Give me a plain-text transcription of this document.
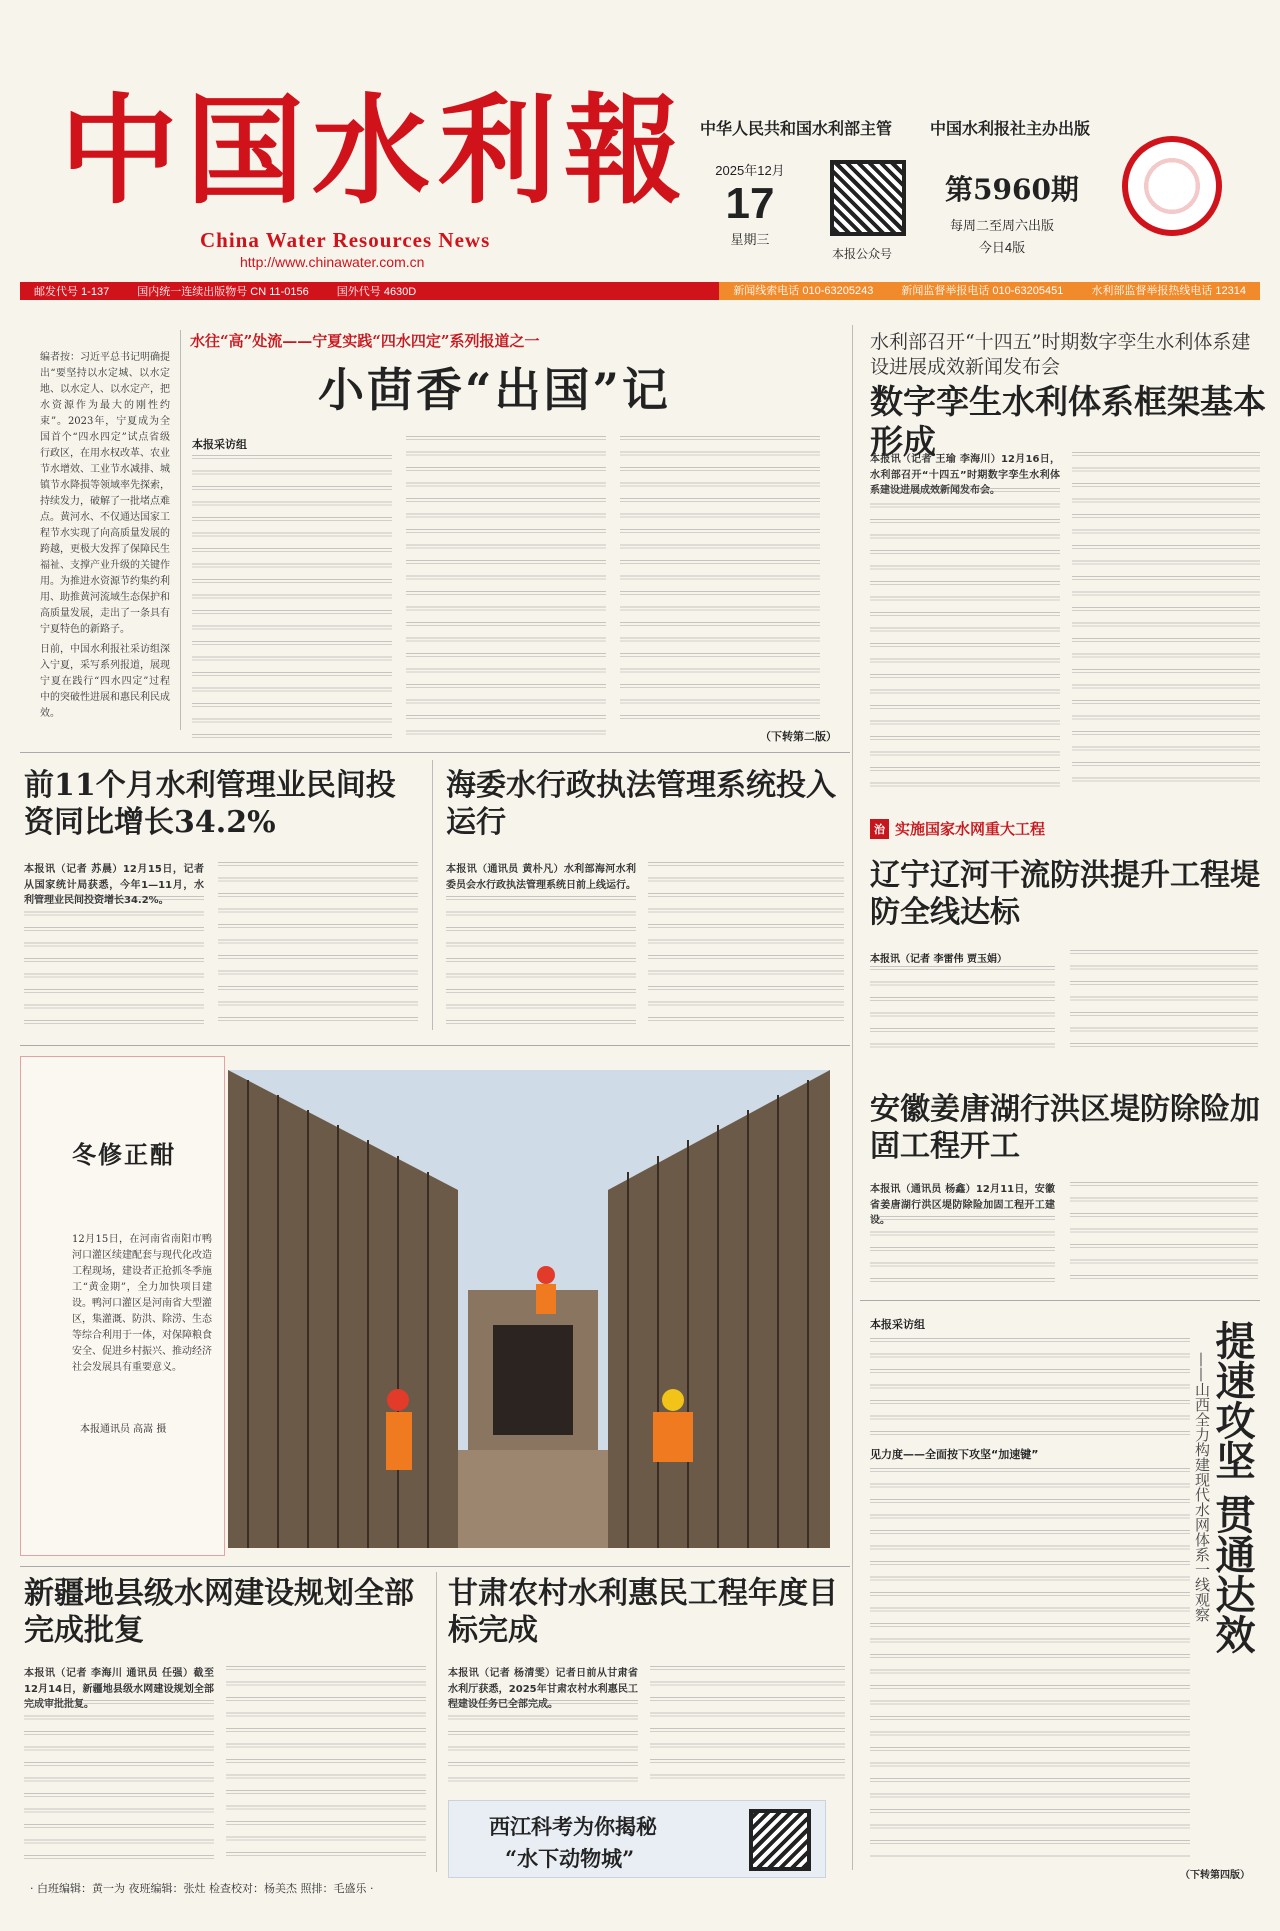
中国水利報
China Water Resources News
http://www.chinawater.com.cn
中华人民共和国水利部主管 中国水利报社主办出版
2025年12月
17
星期三
本报公众号
第5960期
每周二至周六出版
今日4版
邮发代号 1-137	国内统一连续出版物号 CN 11-0156	国外代号 4630D	新闻线索电话 010-63205243	新闻监督举报电话 010-63205451	水利部监督举报热线电话 12314
编者按：习近平总书记明确提出“要坚持以水定城、以水定地、以水定人、以水定产，把水资源作为最大的刚性约束”。2023年，宁夏成为全国首个“四水四定”试点省级行政区，在用水权改革、农业节水增效、工业节水减排、城镇节水降损等领域率先探索，持续发力，破解了一批堵点难点。黄河水、不仅通达国家工程节水实现了向高质量发展的跨越，更极大发挥了保障民生福祉、支撑产业升级的关键作用。为推进水资源节约集约利用、助推黄河流域生态保护和高质量发展，走出了一条具有宁夏特色的新路子。
日前，中国水利报社采访组深入宁夏，采写系列报道，展现宁夏在践行“四水四定”过程中的突破性进展和惠民利民成效。
水往“高”处流——宁夏实践“四水四定”系列报道之一
小茴香“出国”记
本报采访组
（下转第二版）
水利部召开“十四五”时期数字孪生水利体系建设进展成效新闻发布会
数字孪生水利体系框架基本形成
本报讯（记者 王瑜 李海川）12月16日，水利部召开“十四五”时期数字孪生水利体系建设进展成效新闻发布会。
前11个月水利管理业民间投资同比增长34.2%
本报讯（记者 苏晨）12月15日，记者从国家统计局获悉，今年1—11月，水利管理业民间投资增长34.2%。
海委水行政执法管理系统投入运行
本报讯（通讯员 黄朴凡）水利部海河水利委员会水行政执法管理系统日前上线运行。
治 实施国家水网重大工程
辽宁辽河干流防洪提升工程堤防全线达标
本报讯（记者 李雷伟 贾玉娟）
冬修正酣
12月15日，在河南省南阳市鸭河口灌区续建配套与现代化改造工程现场，建设者正抢抓冬季施工“黄金期”，全力加快项目建设。鸭河口灌区是河南省大型灌区，集灌溉、防洪、除涝、生态等综合利用于一体，对保障粮食安全、促进乡村振兴、推动经济社会发展具有重要意义。
本报通讯员 高嵩 摄
安徽姜唐湖行洪区堤防除险加固工程开工
本报讯（通讯员 杨鑫）12月11日，安徽省姜唐湖行洪区堤防除险加固工程开工建设。
本报采访组
见力度——全面按下攻坚“加速键”	提速攻坚 贯通达效
——山西全力构建现代水网体系一线观察
（下转第四版）
新疆地县级水网建设规划全部完成批复
本报讯（记者 李海川 通讯员 任强）截至12月14日，新疆地县级水网建设规划全部完成审批批复。
甘肃农村水利惠民工程年度目标完成
本报讯（记者 杨清雯）记者日前从甘肃省水利厅获悉，2025年甘肃农村水利惠民工程建设任务已全部完成。
西江科考为你揭秘
“水下动物城”
· 白班编辑：黄一为 夜班编辑：张灶 检查校对：杨美杰 照排：毛盛乐 ·
